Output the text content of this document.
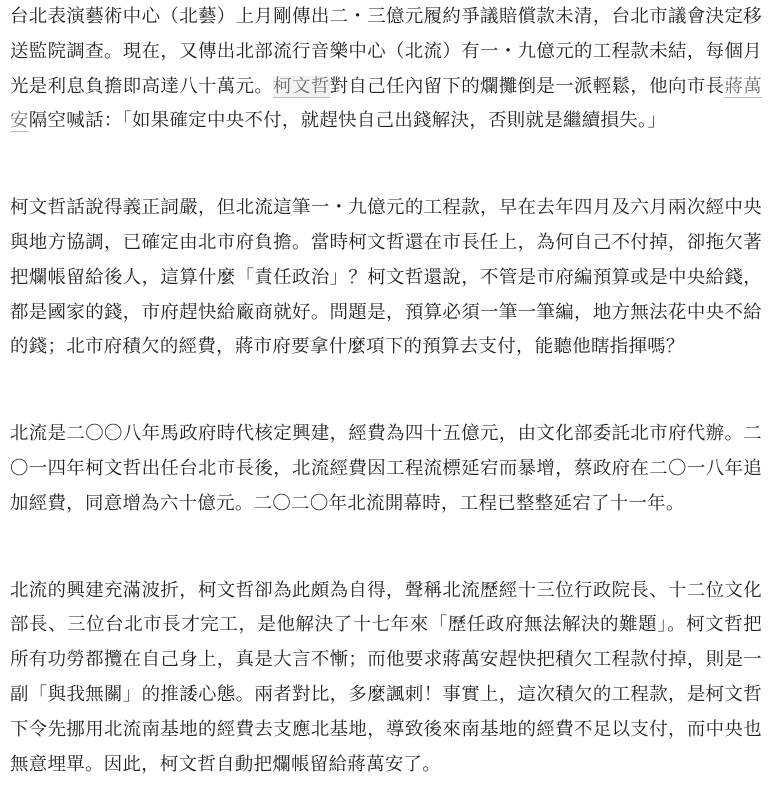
台北表演藝術中心（北藝）上月剛傳出二・三億元履約爭議賠償款未清，台北市議會決定移送監院調查。現在，又傳出北部流行音樂中心（北流）有一・九億元的工程款未結，每個月光是利息負擔即高達八十萬元。柯文哲對自己任內留下的爛攤倒是一派輕鬆，他向市長蔣萬安隔空喊話：「如果確定中央不付，就趕快自己出錢解決，否則就是繼續損失。」

柯文哲話說得義正詞嚴，但北流這筆一・九億元的工程款，早在去年四月及六月兩次經中央與地方協調，已確定由北市府負擔。當時柯文哲還在市長任上，為何自己不付掉，卻拖欠著把爛帳留給後人，這算什麼「責任政治」？柯文哲還說，不管是市府編預算或是中央給錢，都是國家的錢，市府趕快給廠商就好。問題是，預算必須一筆一筆編，地方無法花中央不給的錢；北市府積欠的經費，蔣市府要拿什麼項下的預算去支付，能聽他瞎指揮嗎？

北流是二〇〇八年馬政府時代核定興建，經費為四十五億元，由文化部委託北市府代辦。二〇一四年柯文哲出任台北市長後，北流經費因工程流標延宕而暴增，蔡政府在二〇一八年追加經費，同意增為六十億元。二〇二〇年北流開幕時，工程已整整延宕了十一年。

北流的興建充滿波折，柯文哲卻為此頗為自得，聲稱北流歷經十三位行政院長、十二位文化部長、三位台北市長才完工，是他解決了十七年來「歷任政府無法解決的難題」。柯文哲把所有功勞都攬在自己身上，真是大言不慚；而他要求蔣萬安趕快把積欠工程款付掉，則是一副「與我無關」的推諉心態。兩者對比，多麼諷刺！事實上，這次積欠的工程款，是柯文哲下令先挪用北流南基地的經費去支應北基地，導致後來南基地的經費不足以支付，而中央也無意埋單。因此，柯文哲自動把爛帳留給蔣萬安了。
